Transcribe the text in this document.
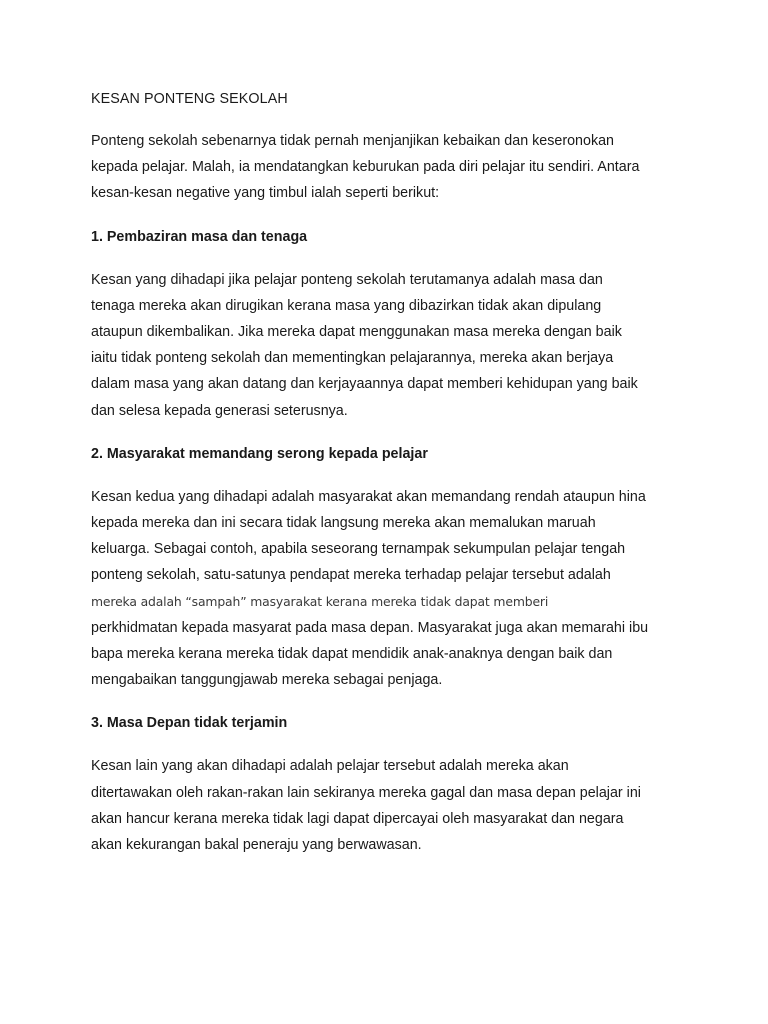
KESAN PONTENG SEKOLAH

Ponteng sekolah sebenarnya tidak pernah menjanjikan kebaikan dan keseronokan
kepada pelajar. Malah, ia mendatangkan keburukan pada diri pelajar itu sendiri. Antara
kesan-kesan negative yang timbul ialah seperti berikut:

1. Pembaziran masa dan tenaga

Kesan yang dihadapi jika pelajar ponteng sekolah terutamanya adalah masa dan
tenaga mereka akan dirugikan kerana masa yang dibazirkan tidak akan dipulang
ataupun dikembalikan. Jika mereka dapat menggunakan masa mereka dengan baik
iaitu tidak ponteng sekolah dan mementingkan pelajarannya, mereka akan berjaya
dalam masa yang akan datang dan kerjayaannya dapat memberi kehidupan yang baik
dan selesa kepada generasi seterusnya.

2. Masyarakat memandang serong kepada pelajar

Kesan kedua yang dihadapi adalah masyarakat akan memandang rendah ataupun hina
kepada mereka dan ini secara tidak langsung mereka akan memalukan maruah
keluarga. Sebagai contoh, apabila seseorang ternampak sekumpulan pelajar tengah
ponteng sekolah, satu-satunya pendapat mereka terhadap pelajar tersebut adalah
mereka adalah “sampah” masyarakat kerana mereka tidak dapat memberi
perkhidmatan kepada masyarat pada masa depan. Masyarakat juga akan memarahi ibu
bapa mereka kerana mereka tidak dapat mendidik anak-anaknya dengan baik dan
mengabaikan tanggungjawab mereka sebagai penjaga.

3. Masa Depan tidak terjamin

Kesan lain yang akan dihadapi adalah pelajar tersebut adalah mereka akan
ditertawakan oleh rakan-rakan lain sekiranya mereka gagal dan masa depan pelajar ini
akan hancur kerana mereka tidak lagi dapat dipercayai oleh masyarakat dan negara
akan kekurangan bakal peneraju yang berwawasan.
